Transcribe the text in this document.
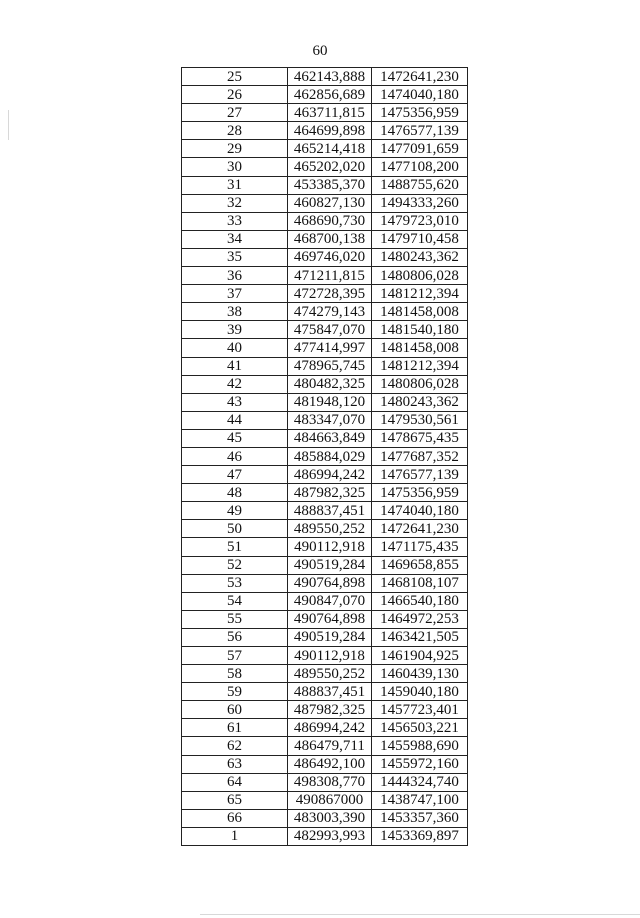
60
25	462143,888	1472641,230
26	462856,689	1474040,180
27	463711,815	1475356,959
28	464699,898	1476577,139
29	465214,418	1477091,659
30	465202,020	1477108,200
31	453385,370	1488755,620
32	460827,130	1494333,260
33	468690,730	1479723,010
34	468700,138	1479710,458
35	469746,020	1480243,362
36	471211,815	1480806,028
37	472728,395	1481212,394
38	474279,143	1481458,008
39	475847,070	1481540,180
40	477414,997	1481458,008
41	478965,745	1481212,394
42	480482,325	1480806,028
43	481948,120	1480243,362
44	483347,070	1479530,561
45	484663,849	1478675,435
46	485884,029	1477687,352
47	486994,242	1476577,139
48	487982,325	1475356,959
49	488837,451	1474040,180
50	489550,252	1472641,230
51	490112,918	1471175,435
52	490519,284	1469658,855
53	490764,898	1468108,107
54	490847,070	1466540,180
55	490764,898	1464972,253
56	490519,284	1463421,505
57	490112,918	1461904,925
58	489550,252	1460439,130
59	488837,451	1459040,180
60	487982,325	1457723,401
61	486994,242	1456503,221
62	486479,711	1455988,690
63	486492,100	1455972,160
64	498308,770	1444324,740
65	490867000	1438747,100
66	483003,390	1453357,360
1	482993,993	1453369,897
